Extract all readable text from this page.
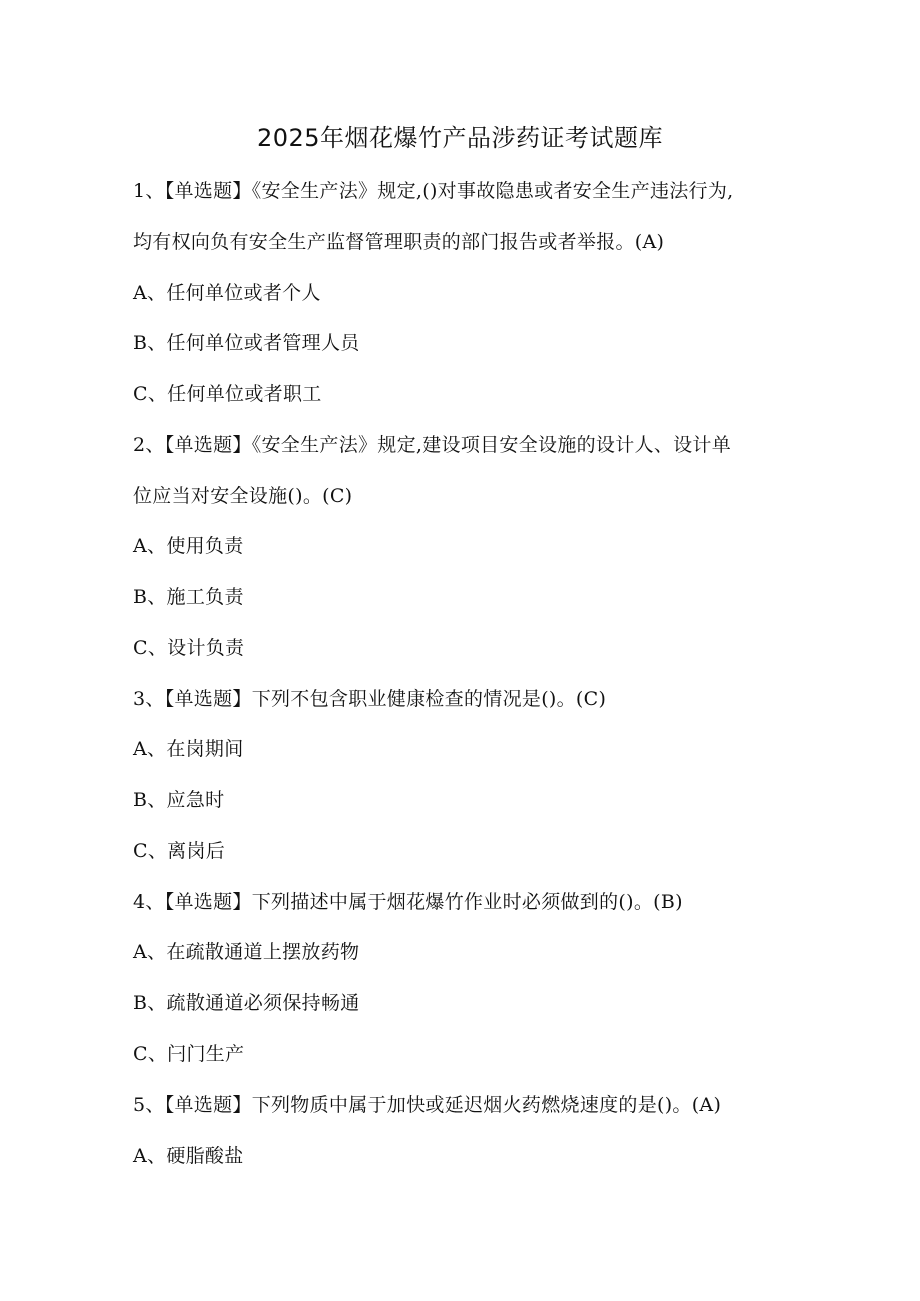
2025年烟花爆竹产品涉药证考试题库
1、【单选题】《安全生产法》规定,()对事故隐患或者安全生产违法行为,
均有权向负有安全生产监督管理职责的部门报告或者举报。(A)
A、任何单位或者个人
B、任何单位或者管理人员
C、任何单位或者职工
2、【单选题】《安全生产法》规定,建设项目安全设施的设计人、设计单
位应当对安全设施()。(C)
A、使用负责
B、施工负责
C、设计负责
3、【单选题】下列不包含职业健康检查的情况是()。(C)
A、在岗期间
B、应急时
C、离岗后
4、【单选题】下列描述中属于烟花爆竹作业时必须做到的()。(B)
A、在疏散通道上摆放药物
B、疏散通道必须保持畅通
C、闩门生产
5、【单选题】下列物质中属于加快或延迟烟火药燃烧速度的是()。(A)
A、硬脂酸盐
